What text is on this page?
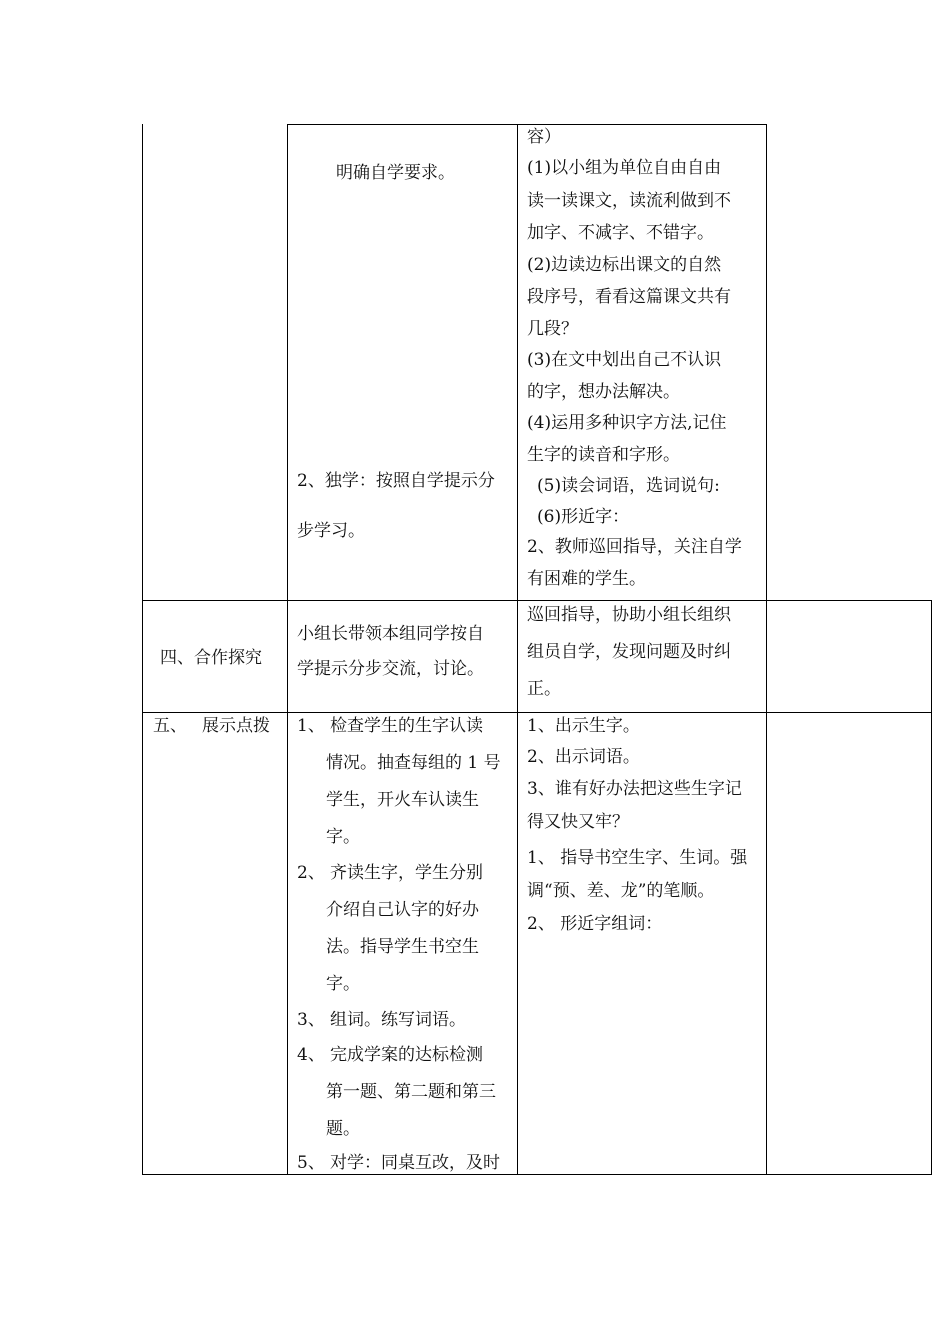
明确自学要求。
2、独学：按照自学提示分
步学习。
容）
(1)以小组为单位自由自由
读一读课文，读流利做到不
加字、不减字、不错字。
(2)边读边标出课文的自然
段序号，看看这篇课文共有
几段？
(3)在文中划出自己不认识
的字，想办法解决。
(4)运用多种识字方法,记住
生字的读音和字形。
(5)读会词语，选词说句:
(6)形近字：
2、教师巡回指导，关注自学
有困难的学生。
四、合作探究
小组长带领本组同学按自
学提示分步交流，讨论。
巡回指导，协助小组长组织
组员自学，发现问题及时纠
正。
五、 展示点拨 1、 检查学生的生字认读
情况。抽查每组的 1 号
学生，开火车认读生
字。
2、 齐读生字，学生分别
介绍自己认字的好办
法。指导学生书空生
字。
3、 组词。练写词语。
4、 完成学案的达标检测
第一题、第二题和第三
题。
5、 对学：同桌互改，及时
1、出示生字。
2、出示词语。
3、谁有好办法把这些生字记
得又快又牢？
1、 指导书空生字、生词。强
调“预、差、龙”的笔顺。
2、 形近字组词：
